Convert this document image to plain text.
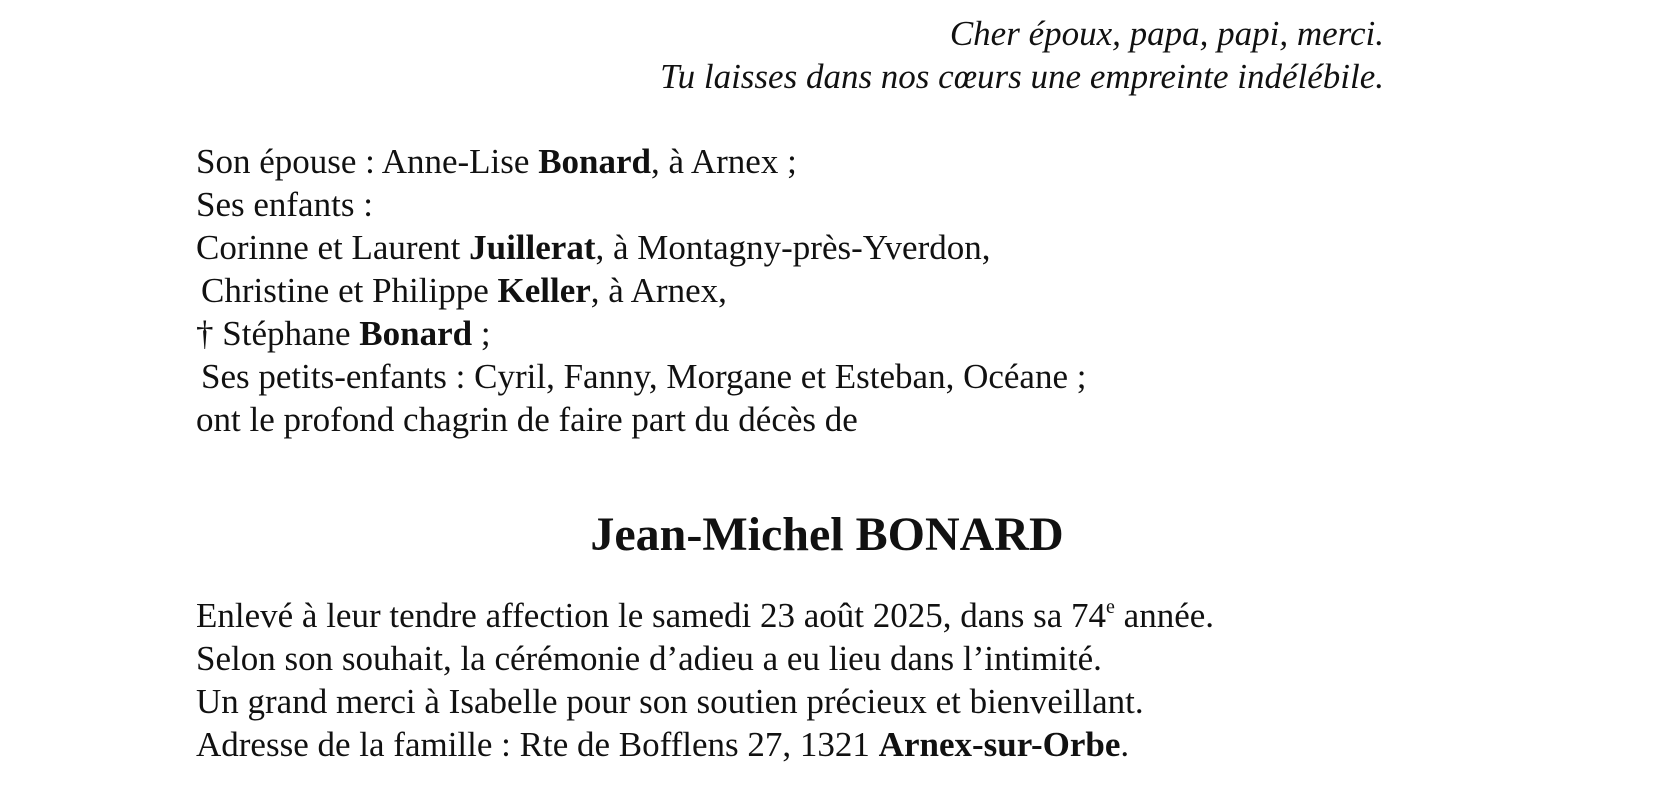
Cher époux, papa, papi, merci.
Tu laisses dans nos cœurs une empreinte indélébile.
Son épouse : Anne-Lise Bonard, à Arnex ;
Ses enfants :
Corinne et Laurent Juillerat, à Montagny-près-Yverdon,
Christine et Philippe Keller, à Arnex,
† Stéphane Bonard ;
Ses petits-enfants : Cyril, Fanny, Morgane et Esteban, Océane ;
ont le profond chagrin de faire part du décès de
Jean-Michel BONARD
Enlevé à leur tendre affection le samedi 23 août 2025, dans sa 74e année.
Selon son souhait, la cérémonie d’adieu a eu lieu dans l’intimité.
Un grand merci à Isabelle pour son soutien précieux et bienveillant.
Adresse de la famille : Rte de Bofflens 27, 1321 Arnex-sur-Orbe.
